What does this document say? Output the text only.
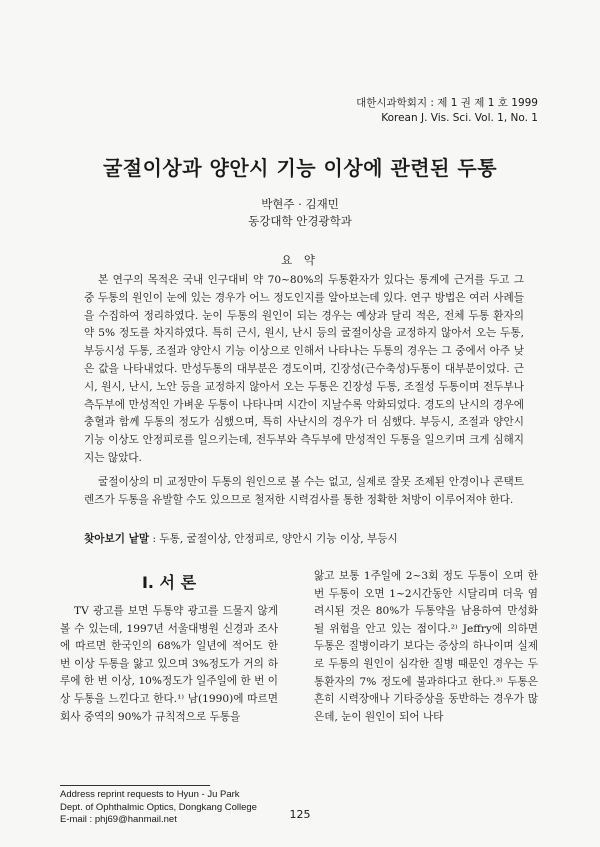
대한시과학회지 : 제 1 권 제 1 호 1999
Korean J. Vis. Sci. Vol. 1, No. 1
굴절이상과 양안시 기능 이상에 관련된 두통
박현주 · 김재민
동강대학 안경광학과
요 약
본 연구의 목적은 국내 인구대비 약 70~80%의 두통환자가 있다는 통계에 근거를 두고 그 중 두통의 원인이 눈에 있는 경우가 어느 정도인지를 알아보는데 있다. 연구 방법은 여러 사례들을 수집하여 정리하였다. 눈이 두통의 원인이 되는 경우는 예상과 달리 적은, 전체 두통 환자의 약 5% 정도를 차지하였다. 특히 근시, 원시, 난시 등의 굴절이상을 교정하지 않아서 오는 두통, 부등시성 두통, 조절과 양안시 기능 이상으로 인해서 나타나는 두통의 경우는 그 중에서 아주 낮은 값을 나타내었다. 만성두통의 대부분은 경도이며, 긴장성(근수축성)두통이 대부분이었다. 근시, 원시, 난시, 노안 등을 교정하지 않아서 오는 두통은 긴장성 두통, 조절성 두통이며 전두부나 측두부에 만성적인 가벼운 두통이 나타나며 시간이 지날수록 악화되었다. 경도의 난시의 경우에 충혈과 함께 두통의 정도가 심했으며, 특히 사난시의 경우가 더 심했다. 부등시, 조절과 양안시 기능 이상도 안정피로를 일으키는데, 전두부와 측두부에 만성적인 두통을 일으키며 크게 심해지지는 않았다.
굴절이상의 미 교정만이 두통의 원인으로 볼 수는 없고, 실제로 잘못 조제된 안경이나 콘택트렌즈가 두통을 유발할 수도 있으므로 철저한 시력검사를 통한 정확한 처방이 이루어져야 한다.
찾아보기 낱말 : 두통, 굴절이상, 안정피로, 양안시 기능 이상, 부등시
Ⅰ. 서 론
TV 광고를 보면 두통약 광고를 드물지 않게 볼 수 있는데, 1997년 서울대병원 신경과 조사에 따르면 한국인의 68%가 일년에 적어도 한 번 이상 두통을 앓고 있으며 3%정도가 거의 하루에 한 번 이상, 10%정도가 일주일에 한 번 이상 두통을 느낀다고 한다.¹⁾ 남(1990)에 따르면 회사 중역의 90%가 규칙적으로 두통을
앓고 보통 1주일에 2~3회 정도 두통이 오며 한 번 두통이 오면 1~2시간동안 시달리며 더욱 염려시된 것은 80%가 두통약을 남용하여 만성화될 위험을 안고 있는 점이다.²⁾ Jeffry에 의하면 두통은 질병이라기 보다는 증상의 하나이며 실제로 두통의 원인이 심각한 질병 때문인 경우는 두통환자의 7% 정도에 불과하다고 한다.³⁾ 두통은 흔히 시력장애나 기타증상을 동반하는 경우가 많은데, 눈이 원인이 되어 나타
Address reprint requests to Hyun - Ju Park
Dept. of Ophthalmic Optics, Dongkang College
E-mail : phj69@hanmail.net	125
